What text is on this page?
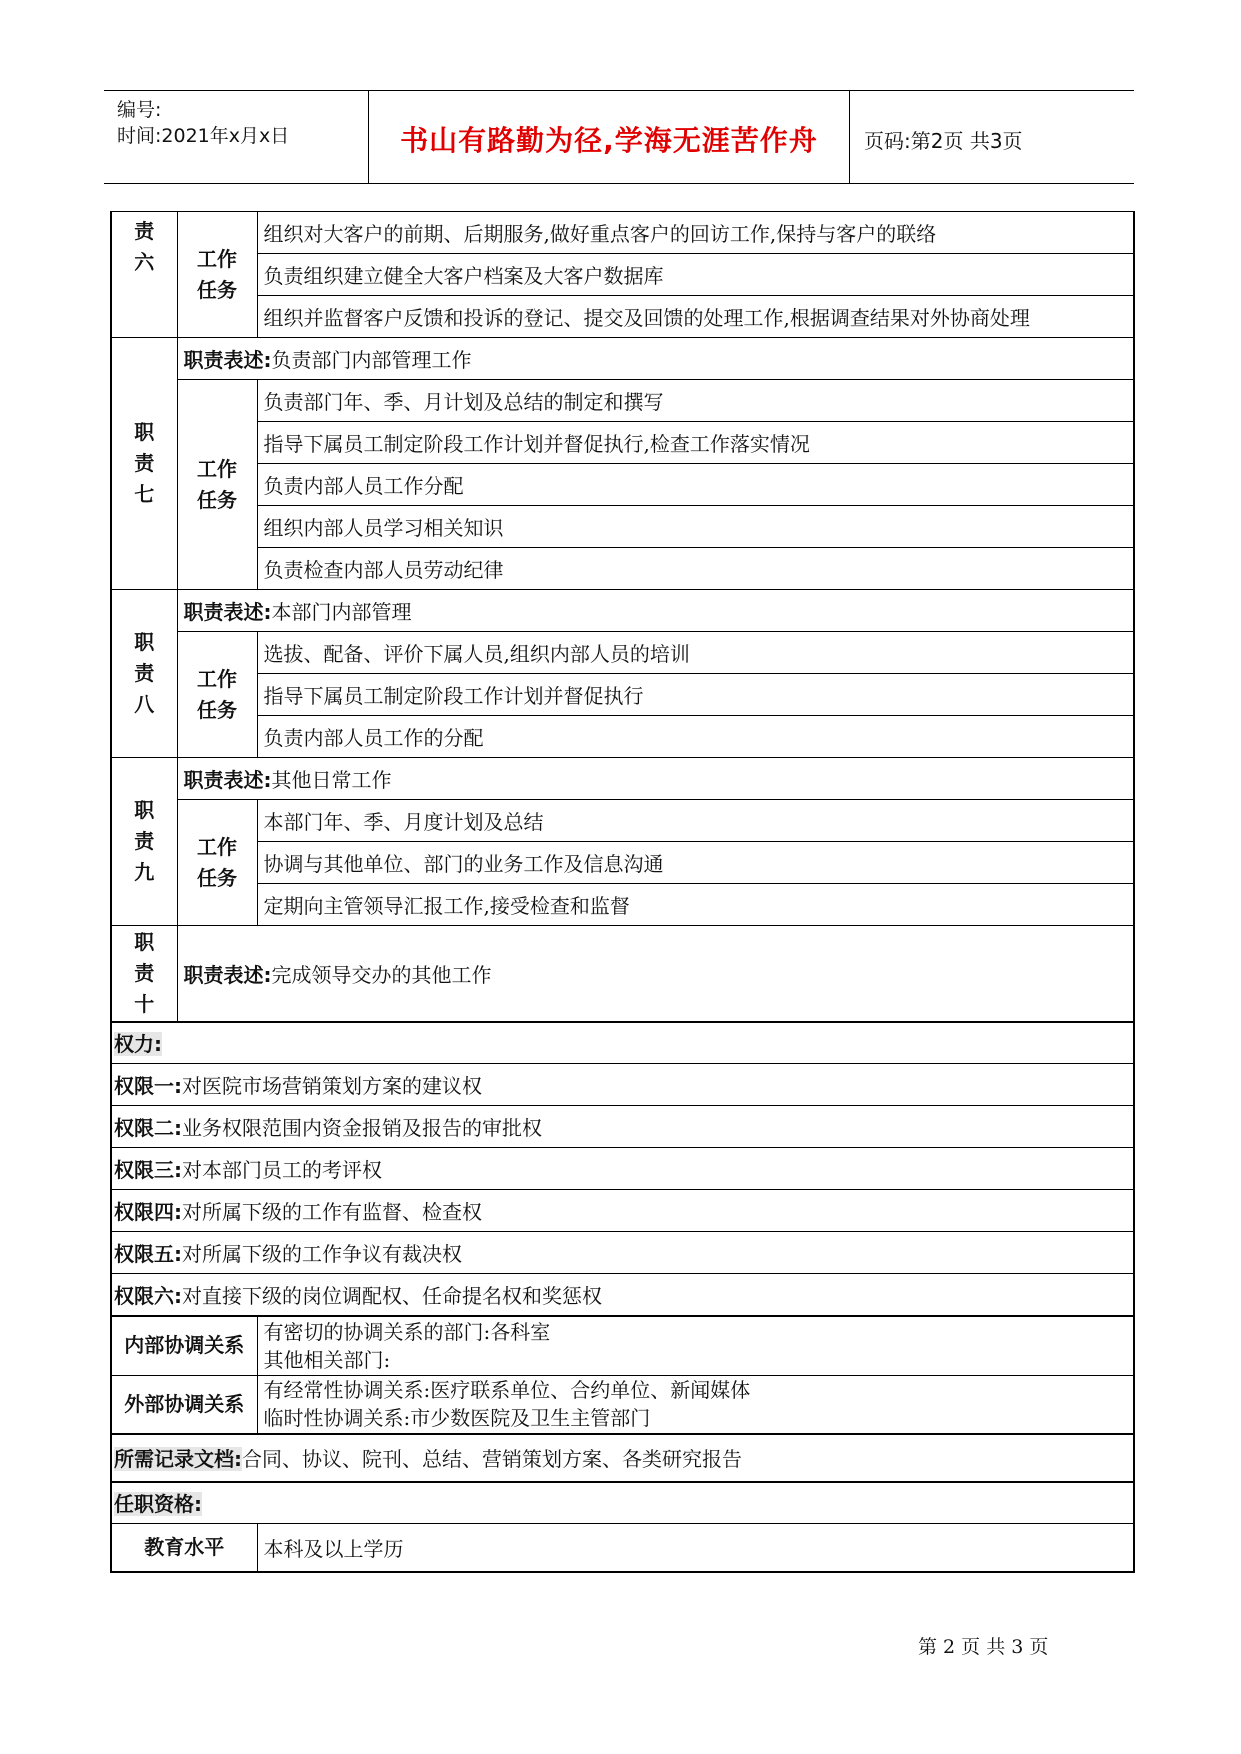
编号:
时间:2021年x月x日	书山有路勤为径,学海无涯苦作舟	页码:第2页 共3页
责
六	工作
任务	组织对大客户的前期、后期服务,做好重点客户的回访工作,保持与客户的联络
		负责组织建立健全大客户档案及大客户数据库
		组织并监督客户反馈和投诉的登记、提交及回馈的处理工作,根据调查结果对外协商处理
职
责
七	职责表述:负责部门内部管理工作	
	工作
任务	负责部门年、季、月计划及总结的制定和撰写
		指导下属员工制定阶段工作计划并督促执行,检查工作落实情况
		负责内部人员工作分配
		组织内部人员学习相关知识
		负责检查内部人员劳动纪律
职
责
八	职责表述:本部门内部管理	
	工作
任务	选拔、配备、评价下属人员,组织内部人员的培训
		指导下属员工制定阶段工作计划并督促执行
		负责内部人员工作的分配
职
责
九	职责表述:其他日常工作	
	工作
任务	本部门年、季、月度计划及总结
		协调与其他单位、部门的业务工作及信息沟通
		定期向主管领导汇报工作,接受检查和监督
职
责
十	职责表述:完成领导交办的其他工作	
权力:		
权限一:对医院市场营销策划方案的建议权		
权限二:业务权限范围内资金报销及报告的审批权		
权限三:对本部门员工的考评权		
权限四:对所属下级的工作有监督、检查权		
权限五:对所属下级的工作争议有裁决权		
权限六:对直接下级的岗位调配权、任命提名权和奖惩权		
内部协调关系		有密切的协调关系的部门:各科室
其他相关部门:

外部协调关系		有经常性协调关系:医疗联系单位、合约单位、新闻媒体
临时性协调关系:市少数医院及卫生主管部门

所需记录文档:合同、协议、院刊、总结、营销策划方案、各类研究报告		
任职资格:		
教育水平		本科及以上学历
第 2 页 共 3 页
